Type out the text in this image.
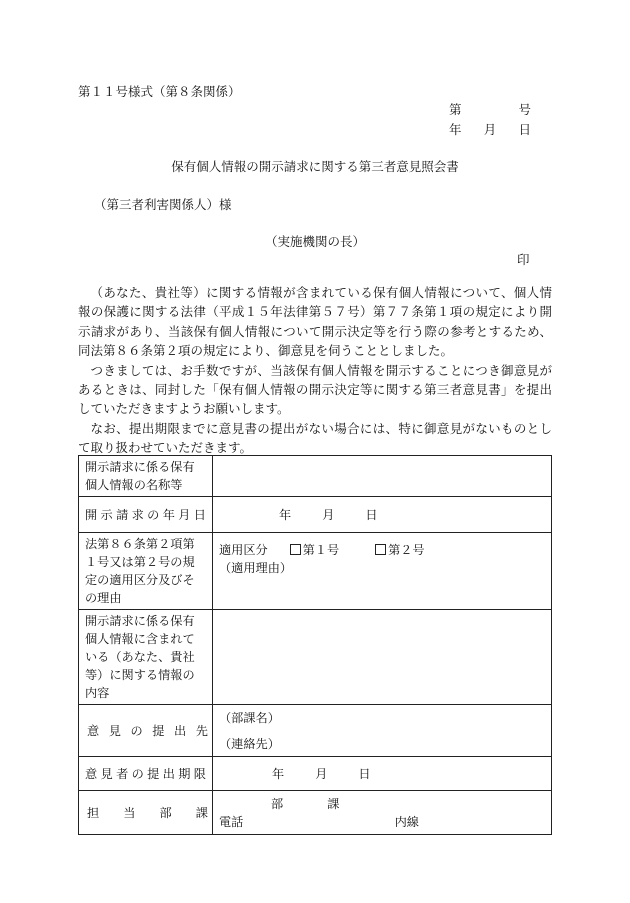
第１１号様式（第８条関係）
第	号
年 月 日
保有個人情報の開示請求に関する第三者意見照会書
（第三者利害関係人）様
（実施機関の長）
印

（あなた、貴社等）に関する情報が含まれている保有個人情報について、個人情報の保護に関する法律（平成１５年法律第５７号）第７７条第１項の規定により開示請求があり、当該保有個人情報について開示決定等を行う際の参考とするため、同法第８６条第２項の規定により、御意見を伺うこととしました。

つきましては、お手数ですが、当該保有個人情報を開示することにつき御意見があるときは、同封した「保有個人情報の開示決定等に関する第三者意見書」を提出していただきますようお願いします。

なお、提出期限までに意見書の提出がない場合には、特に御意見がないものとして取り扱わせていただきます。

開示請求に係る保有個人情報の名称等	
開示請求の年月日	年 月 日

法第８６条第２項第１号又は第２号の規定の適用区分及びその理由	適用区分 第１号 第２号
（適用理由）

開示請求に係る保有個人情報に含まれている（あなた、貴社等）に関する情報の内容	
意見の提出先	（部課名）
（連絡先）

意見者の提出期限	年 月 日

担当部課	部 課
電話 内線
